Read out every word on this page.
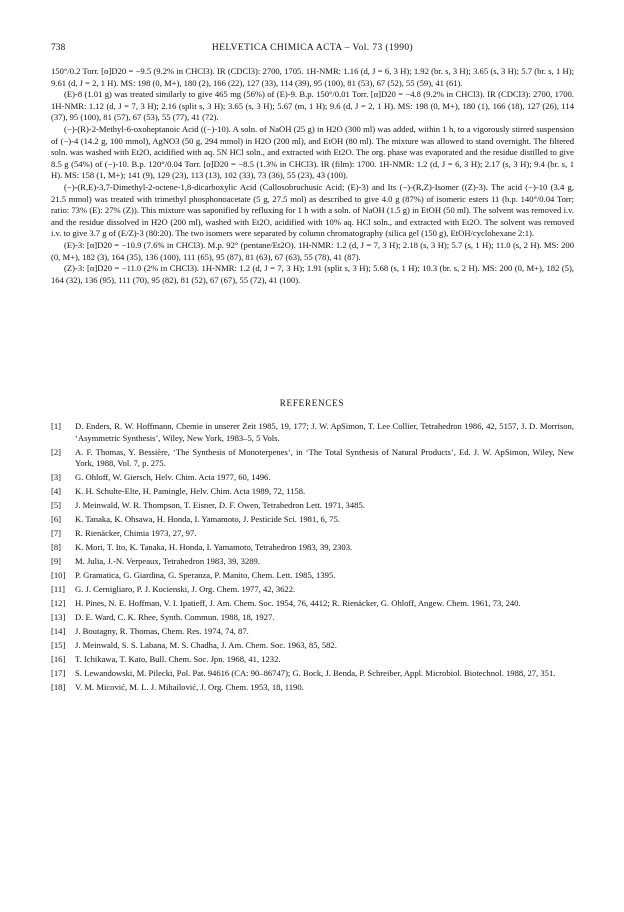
738	HELVETICA CHIMICA ACTA – Vol. 73 (1990)

150°/0.2 Torr. [α]D20 = −9.5 (9.2% in CHCl3). IR (CDCl3): 2700, 1705. 1H-NMR: 1.16 (d, J = 6, 3 H); 1.92 (br. s, 3 H); 3.65 (s, 3 H); 5.7 (br. s, 1 H); 9.61 (d, J = 2, 1 H). MS: 198 (0, M+), 180 (2), 166 (22), 127 (33), 114 (39), 95 (100), 81 (53), 67 (52), 55 (59), 41 (61).

(E)-8 (1.01 g) was treated similarly to give 465 mg (56%) of (E)-9. B.p. 150°/0.01 Torr. [α]D20 = −4.8 (9.2% in CHCl3). IR (CDCl3): 2700, 1700. 1H-NMR: 1.12 (d, J = 7, 3 H); 2.16 (split s, 3 H); 3.65 (s, 3 H); 5.67 (m, 1 H); 9.6 (d, J = 2, 1 H). MS: 198 (0, M+), 180 (1), 166 (18), 127 (26), 114 (37), 95 (100), 81 (57), 67 (53), 55 (77), 41 (72).

(−)-(R)-2-Methyl-6-oxoheptanoic Acid ((−)-10). A soln. of NaOH (25 g) in H2O (300 ml) was added, within 1 h, to a vigorously stirred suspension of (−)-4 (14.2 g, 100 mmol), AgNO3 (50 g, 294 mmol) in H2O (200 ml), and EtOH (80 ml). The mixture was allowed to stand overnight. The filtered soln. was washed with Et2O, acidified with aq. 5N HCl soln., and extracted with Et2O. The org. phase was evaporated and the residue distilled to give 8.5 g (54%) of (−)-10. B.p. 120°/0.04 Torr. [α]D20 = −8.5 (1.3% in CHCl3). IR (film): 1700. 1H-NMR: 1.2 (d, J = 6, 3 H); 2.17 (s, 3 H); 9.4 (br. s, 1 H). MS: 158 (1, M+); 141 (9), 129 (23), 113 (13), 102 (33), 73 (36), 55 (23), 43 (100).

(−)-(R,E)-3,7-Dimethyl-2-octene-1,8-dicarboxylic Acid (Callosobruchusic Acid; (E)-3) and Its (−)-(R,Z)-Isomer ((Z)-3). The acid (−)-10 (3.4 g, 21.5 mmol) was treated with trimethyl phosphonoacetate (5 g, 27.5 mol) as described to give 4.0 g (87%) of isomeric esters 11 (b.p. 140°/0.04 Torr; ratio: 73% (E): 27% (Z)). This mixture was saponified by refluxing for 1 h with a soln. of NaOH (1.5 g) in EtOH (50 ml). The solvent was removed i.v. and the residue dissolved in H2O (200 ml), washed with Et2O, acidified with 10% aq. HCl soln., and extracted with Et2O. The solvent was removed i.v. to give 3.7 g of (E/Z)-3 (80:20). The two isomers were separated by column chromatography (silica gel (150 g), EtOH/cyclohexane 2:1).

(E)-3: [α]D20 = −10.9 (7.6% in CHCl3). M.p. 92° (pentane/Et2O). 1H-NMR: 1.2 (d, J = 7, 3 H); 2.18 (s, 3 H); 5.7 (s, 1 H); 11.0 (s, 2 H). MS: 200 (0, M+), 182 (3), 164 (35), 136 (100), 111 (65), 95 (87), 81 (63), 67 (63), 55 (78), 41 (87).

(Z)-3: [α]D20 = −11.0 (2% in CHCl3). 1H-NMR: 1.2 (d, J = 7, 3 H); 1.91 (split s, 3 H); 5.68 (s, 1 H); 10.3 (br. s, 2 H). MS: 200 (0, M+), 182 (5), 164 (32), 136 (95), 111 (70), 95 (82), 81 (52), 67 (67), 55 (72), 41 (100).

REFERENCES
[1] D. Enders, R. W. Hoffmann, Chemie in unserer Zeit 1985, 19, 177; J. W. ApSimon, T. Lee Collier, Tetrahedron 1986, 42, 5157, J. D. Morrison, ‘Asymmetric Synthesis’, Wiley, New York, 1983–5, 5 Vols.
[2] A. F. Thomas, Y. Bessière, ‘The Synthesis of Monoterpenes’, in ‘The Total Synthesis of Natural Products’, Ed. J. W. ApSimon, Wiley, New York, 1988, Vol. 7, p. 275.
[3] G. Ohloff, W. Giersch, Helv. Chim. Acta 1977, 60, 1496.
[4] K. H. Schulte-Elte, H. Pamingle, Helv. Chim. Acta 1989, 72, 1158.
[5] J. Meinwald, W. R. Thompson, T. Eisner, D. F. Owen, Tetrahedron Lett. 1971, 3485.
[6] K. Tanaka, K. Ohsawa, H. Honda, I. Yamamoto, J. Pesticide Sci. 1981, 6, 75.
[7] R. Rienäcker, Chimia 1973, 27, 97.
[8] K. Mori, T. Ito, K. Tanaka, H. Honda, I. Yamamoto, Tetrahedron 1983, 39, 2303.
[9] M. Julia, J.-N. Verpeaux, Tetrahedron 1983, 39, 3289.
[10] P. Gramatica, G. Giardina, G. Speranza, P. Manito, Chem. Lett. 1985, 1395.
[11] G. J. Cernigliaro, P. J. Kocienski, J. Org. Chem. 1977, 42, 3622.
[12] H. Pines, N. E. Hoffman, V. I. Ipatieff, J. Am. Chem. Soc. 1954, 76, 4412; R. Rienäcker, G. Ohloff, Angew. Chem. 1961, 73, 240.
[13] D. E. Ward, C. K. Rhee, Synth. Commun. 1988, 18, 1927.
[14] J. Boutagny, R. Thomas, Chem. Res. 1974, 74, 87.
[15] J. Meinwald, S. S. Labana, M. S. Chadha, J. Am. Chem. Soc. 1963, 85, 582.
[16] T. Ichikawa, T. Kato, Bull. Chem. Soc. Jpn. 1968, 41, 1232.
[17] S. Lewandowski, M. Pilecki, Pol. Pat. 94616 (CA: 90–86747); G. Bock, J. Benda, P. Schreiber, Appl. Microbiol. Biotechnol. 1988, 27, 351.
[18] V. M. Micović, M. L. J. Mihailović, J. Org. Chem. 1953, 18, 1190.
